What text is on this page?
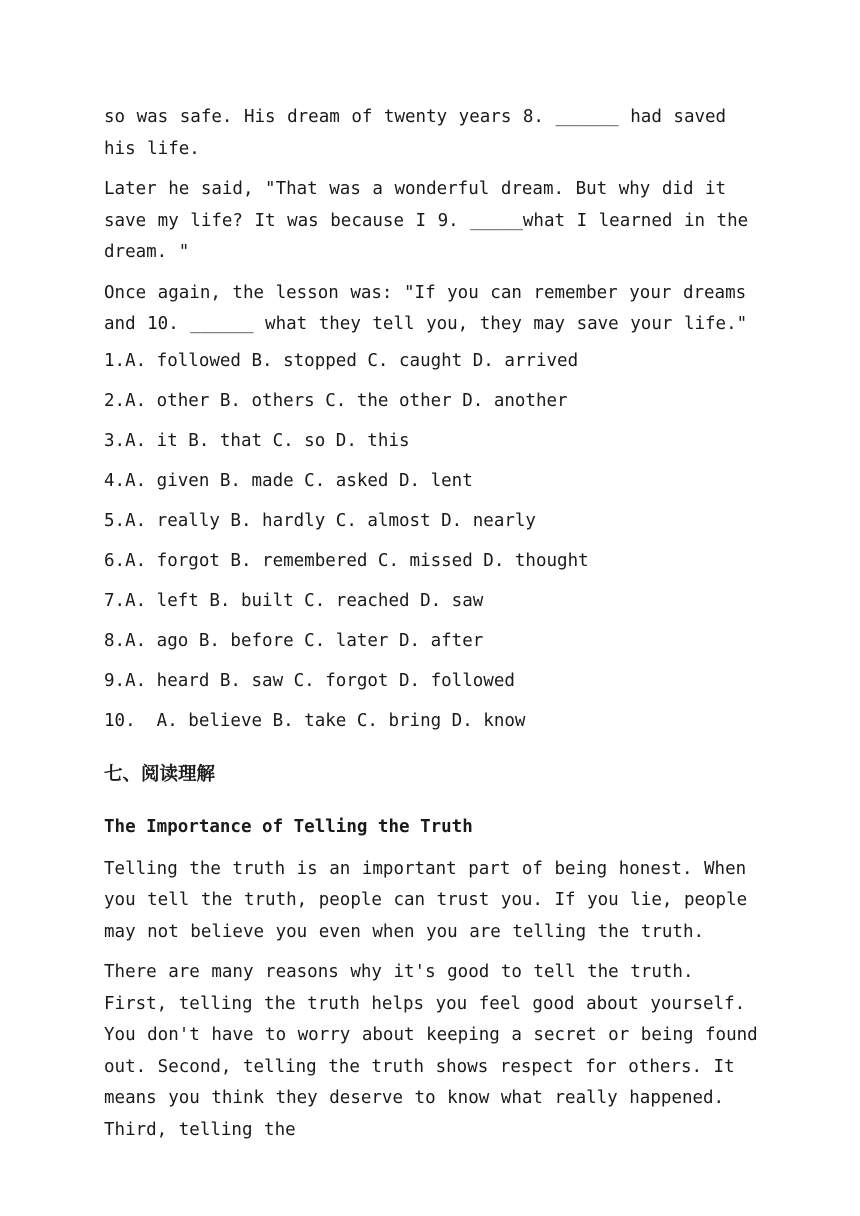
so was safe. His dream of twenty years 8. ______ had saved his life.

Later he said, "That was a wonderful dream. But why did it save my life? It was because I 9. _____what I learned in the dream. "

Once again, the lesson was: "If you can remember your dreams and 10. ______ what they tell you, they may save your life."

1.A. followed B. stopped C. caught D. arrived

2.A. other B. others C. the other D. another

3.A. it B. that C. so D. this

4.A. given B. made C. asked D. lent

5.A. really B. hardly C. almost D. nearly

6.A. forgot B. remembered C. missed D. thought

7.A. left B. built C. reached D. saw

8.A. ago B. before C. later D. after

9.A. heard B. saw C. forgot D. followed

10.  A. believe B. take C. bring D. know

七、阅读理解

The Importance of Telling the Truth

Telling the truth is an important part of being honest. When you tell the truth, people can trust you. If you lie, people may not believe you even when you are telling the truth.

There are many reasons why it's good to tell the truth. First, telling the truth helps you feel good about yourself. You don't have to worry about keeping a secret or being found out. Second, telling the truth shows respect for others. It means you think they deserve to know what really happened. Third, telling the
